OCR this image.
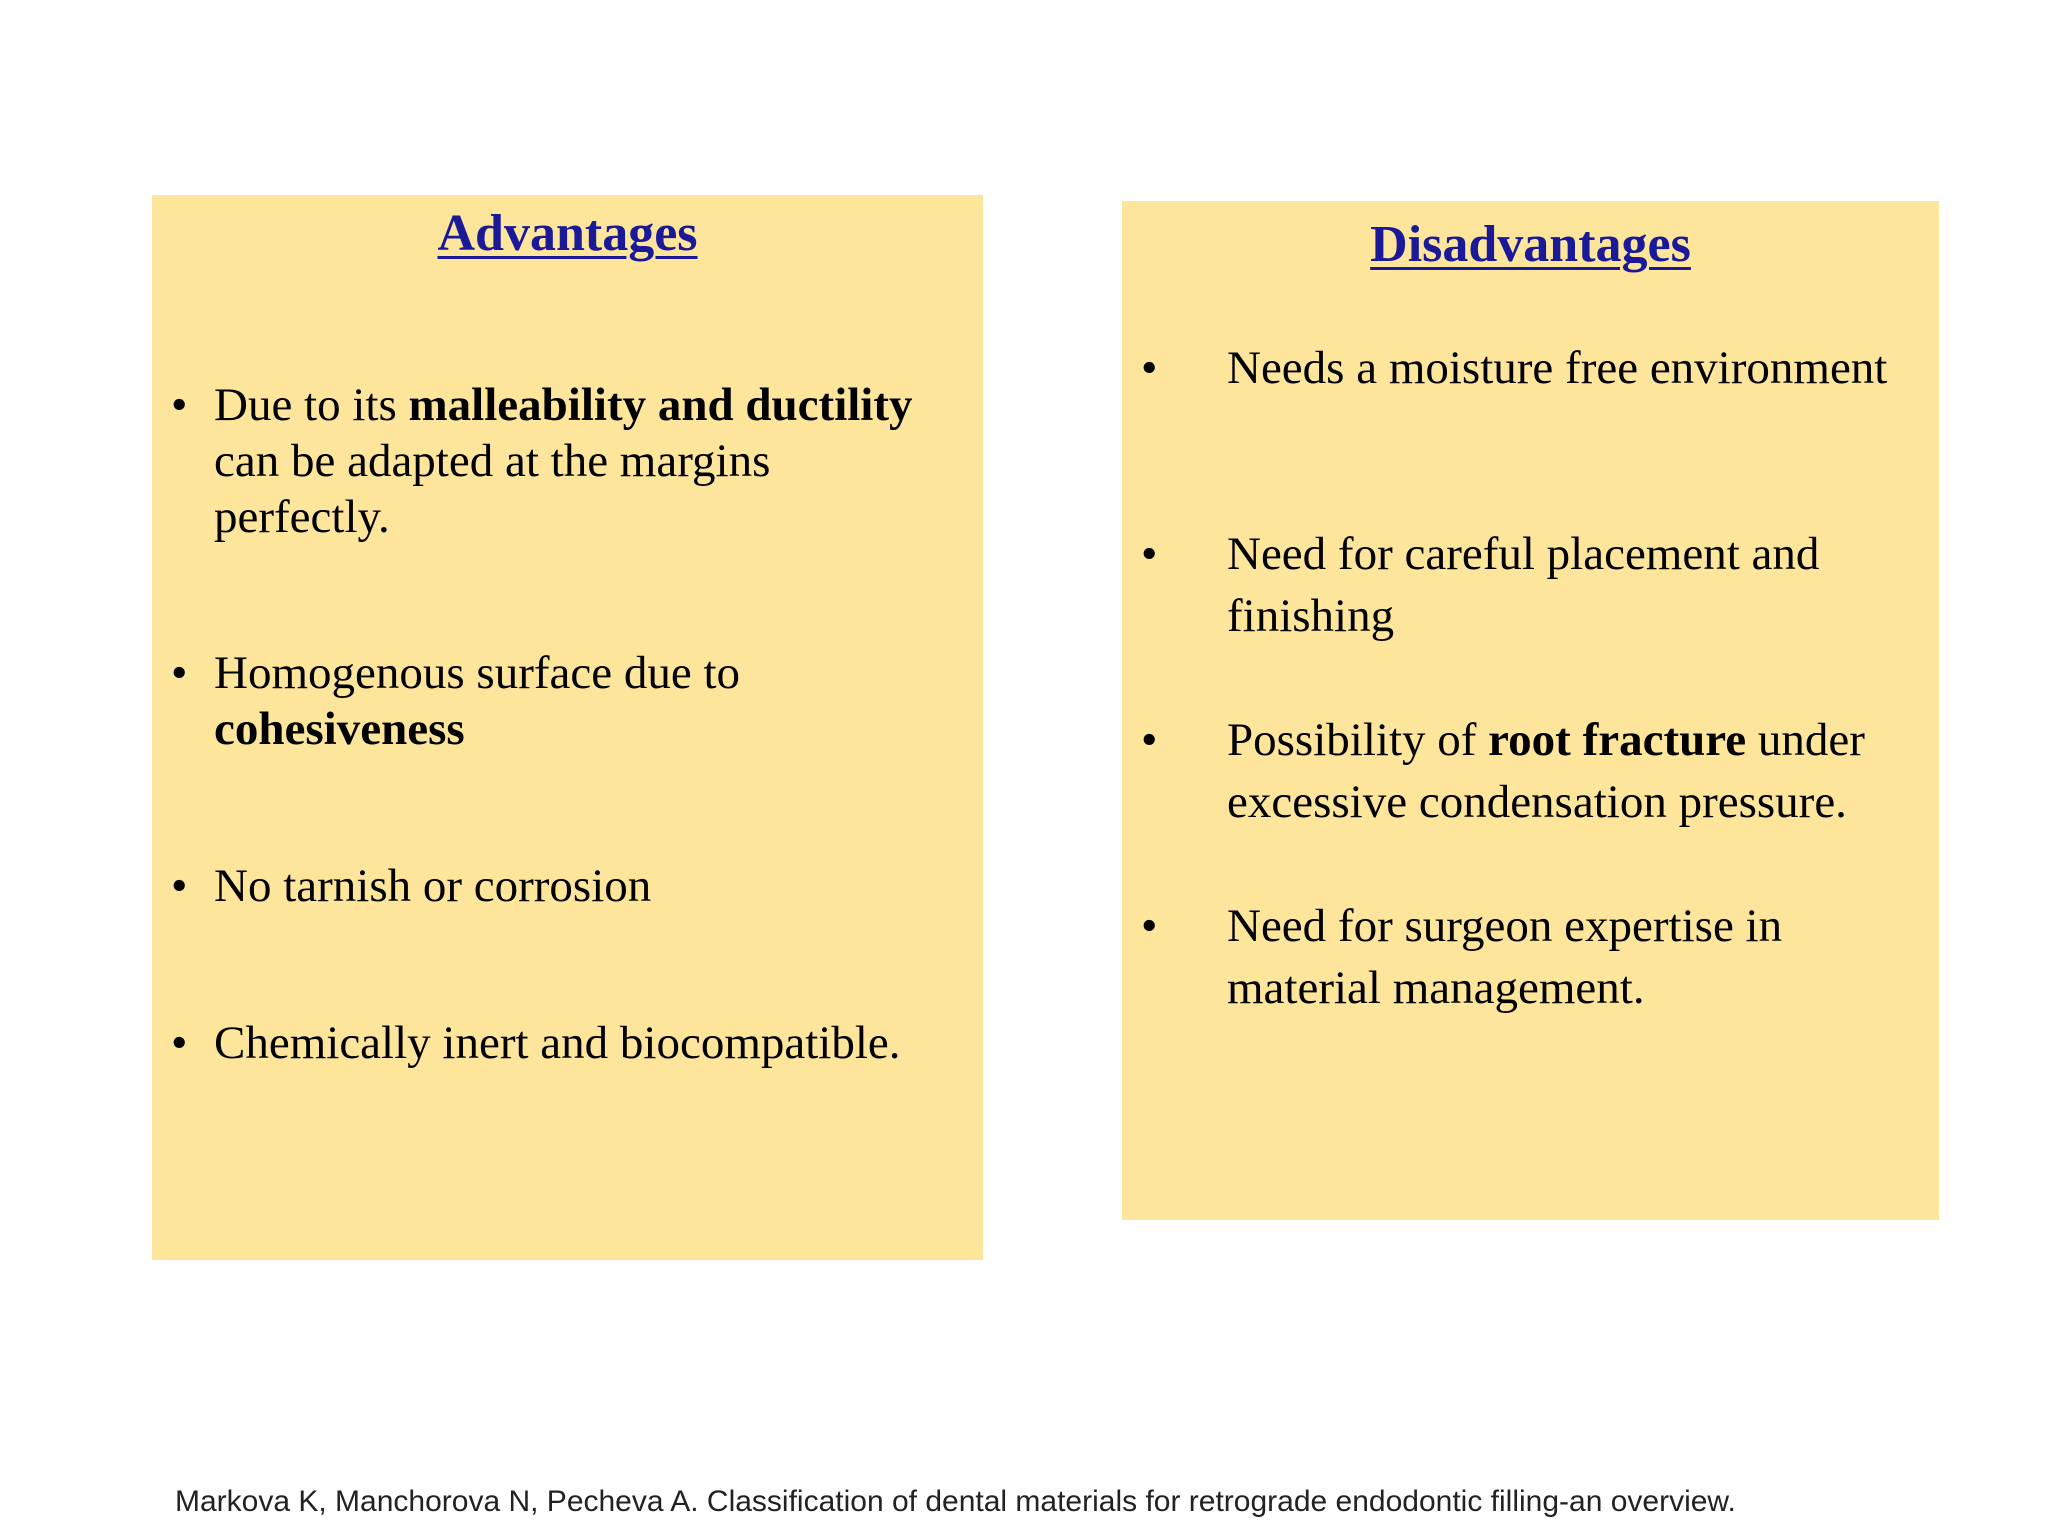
Advantages
• Due to its malleability and ductility can be adapted at the margins perfectly.
• Homogenous surface due to cohesiveness
• No tarnish or corrosion
• Chemically inert and biocompatible.
Disadvantages
•	Needs a moisture free environment
•	Need for careful placement and finishing
•	Possibility of root fracture under excessive condensation pressure.
•	Need for surgeon expertise in material management.
Markova K, Manchorova N, Pecheva A. Classification of dental materials for retrograde endodontic filling-an overview.
